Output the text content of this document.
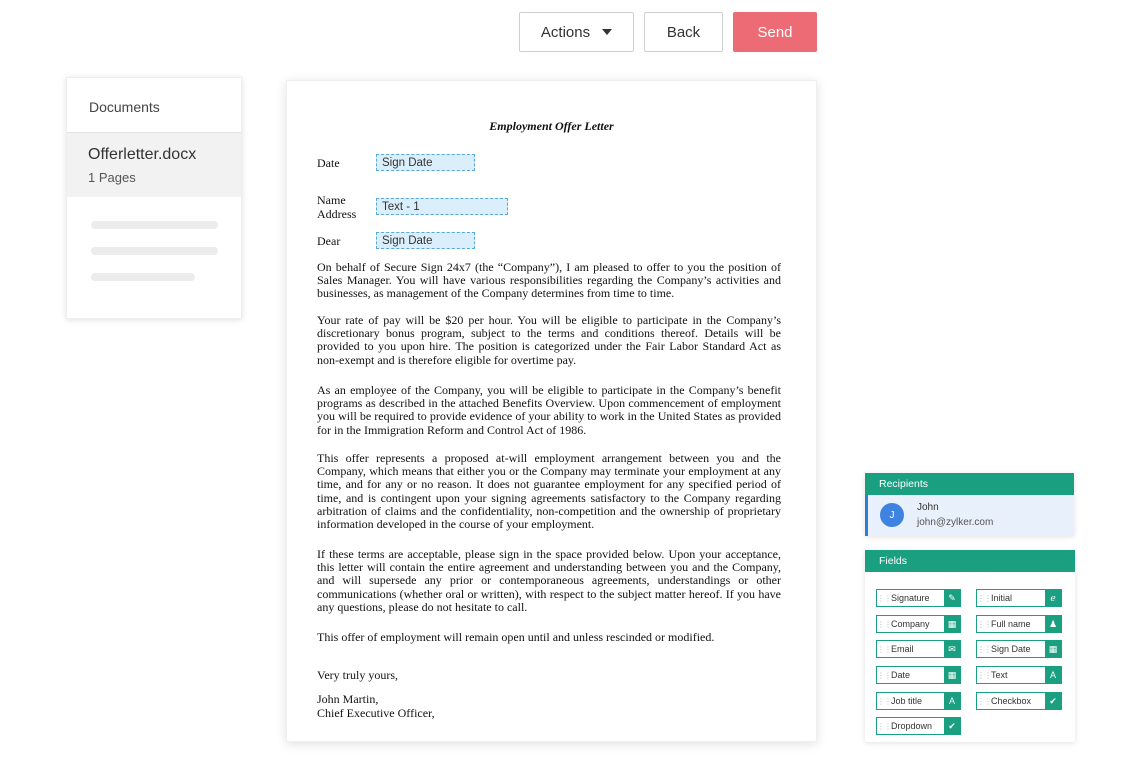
Actions	Back	Send
Documents
Offerletter.docx
1 Pages
Employment Offer Letter
Date	Sign Date
Name
Address	Text - 1
Dear	Sign Date
On behalf of Secure Sign 24x7 (the “Company”), I am pleased to offer to you the position of Sales Manager. You will have various responsibilities regarding the Company’s activities and businesses, as management of the Company determines from time to time.
Your rate of pay will be $20 per hour. You will be eligible to participate in the Company’s discretionary bonus program, subject to the terms and conditions thereof. Details will be provided to you upon hire. The position is categorized under the Fair Labor Standard Act as non-exempt and is therefore eligible for overtime pay.
As an employee of the Company, you will be eligible to participate in the Company’s benefit programs as described in the attached Benefits Overview. Upon commencement of employment you will be required to provide evidence of your ability to work in the United States as provided for in the Immigration Reform and Control Act of 1986.
This offer represents a proposed at-will employment arrangement between you and the Company, which means that either you or the Company may terminate your employment at any time, and for any or no reason. It does not guarantee employment for any specified period of time, and is contingent upon your signing agreements satisfactory to the Company regarding arbitration of claims and the confidentiality, non-competition and the ownership of proprietary information developed in the course of your employment.
If these terms are acceptable, please sign in the space provided below. Upon your acceptance, this letter will contain the entire agreement and understanding between you and the Company, and will supersede any prior or contemporaneous agreements, understandings or other communications (whether oral or written), with respect to the subject matter hereof. If you have any questions, please do not hesitate to call.
This offer of employment will remain open until and unless rescinded or modified.
Very truly yours,
John Martin,
Chief Executive Officer,
Recipients
J
John
john@zylker.com
Fields
⋮⋮ Signature	✎	⋮⋮ Initial	ℯ
⋮⋮ Company	▦	⋮⋮ Full name	♟
⋮⋮ Email	✉	⋮⋮ Sign Date	▦
⋮⋮ Date	▦	⋮⋮ Text	A
⋮⋮ Job title	A	⋮⋮ Checkbox	✔
⋮⋮ Dropdown	✔
